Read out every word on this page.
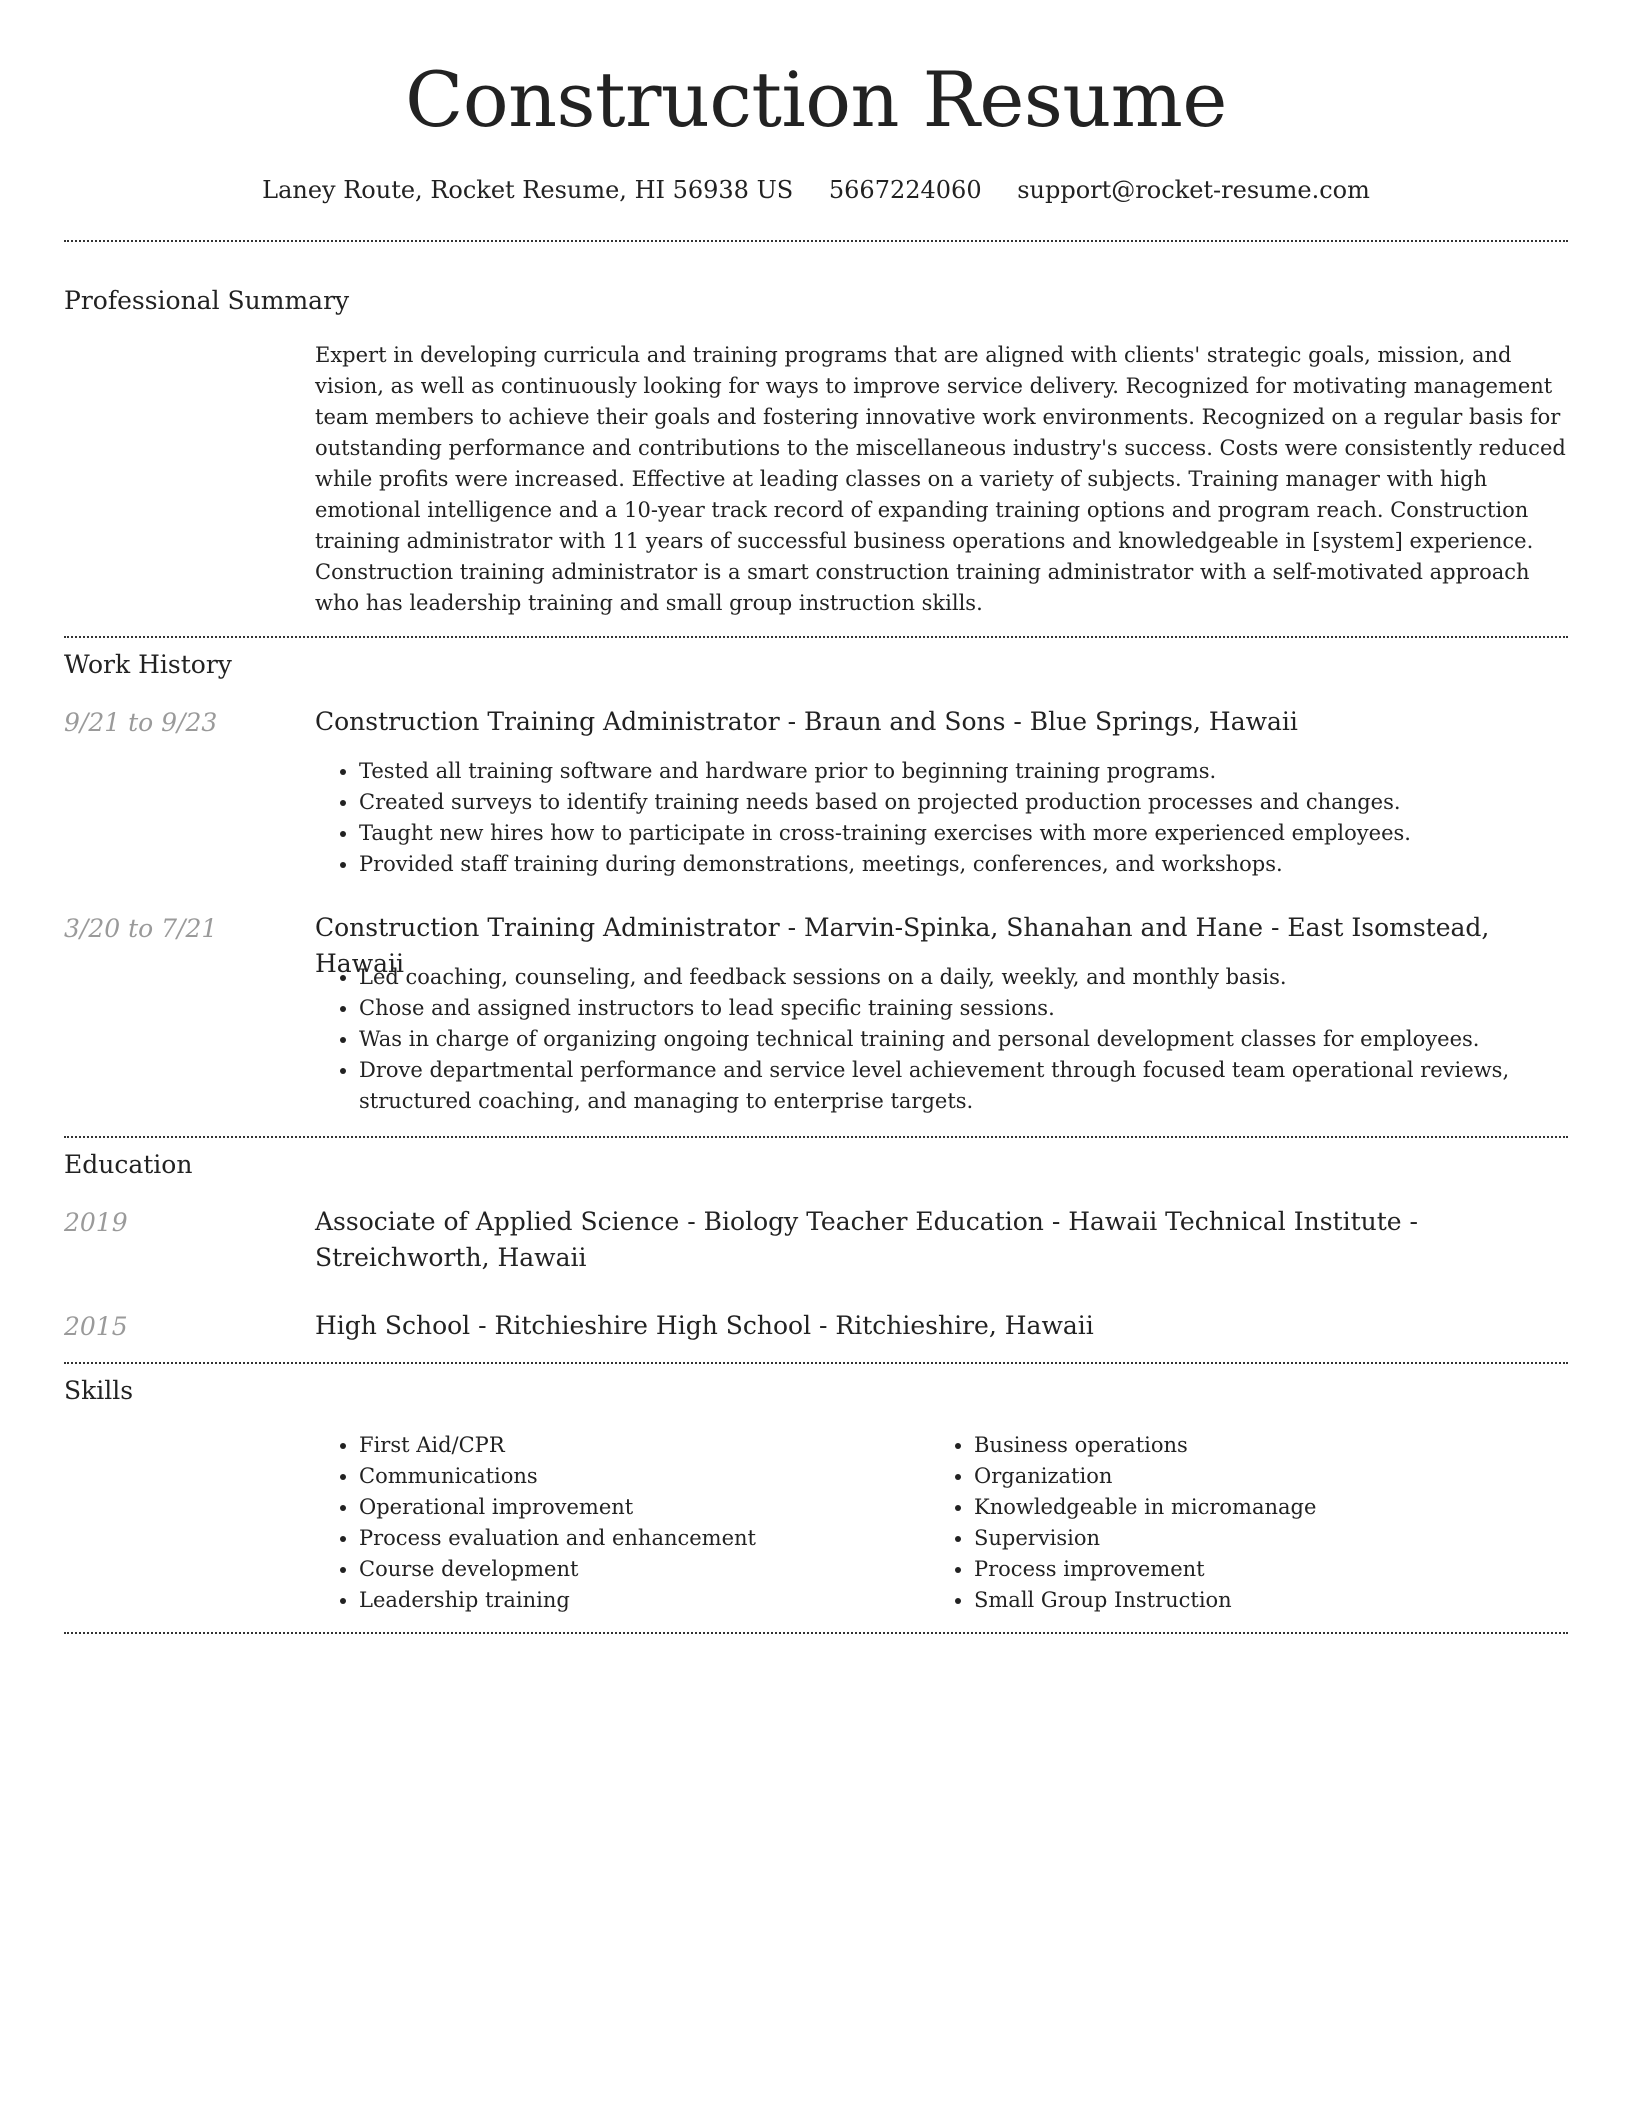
Construction Resume
Laney Route, Rocket Resume, HI 56938 US 5667224060 support@rocket-resume.com
Professional Summary
Expert in developing curricula and training programs that are aligned with clients' strategic goals, mission, and vision, as well as continuously looking for ways to improve service delivery. Recognized for motivating management team members to achieve their goals and fostering innovative work environments. Recognized on a regular basis for outstanding performance and contributions to the miscellaneous industry's success. Costs were consistently reduced while profits were increased. Effective at leading classes on a variety of subjects. Training manager with high emotional intelligence and a 10-year track record of expanding training options and program reach. Construction training administrator with 11 years of successful business operations and knowledgeable in [system] experience. Construction training administrator is a smart construction training administrator with a self-motivated approach who has leadership training and small group instruction skills.
Work History
9/21 to 9/23	Construction Training Administrator - Braun and Sons - Blue Springs, Hawaii
• Tested all training software and hardware prior to beginning training programs.
• Created surveys to identify training needs based on projected production processes and changes.
• Taught new hires how to participate in cross-training exercises with more experienced employees.
• Provided staff training during demonstrations, meetings, conferences, and workshops.
3/20 to 7/21	Construction Training Administrator - Marvin-Spinka, Shanahan and Hane - East Isomstead, Hawaii
• Led coaching, counseling, and feedback sessions on a daily, weekly, and monthly basis.
• Chose and assigned instructors to lead specific training sessions.
• Was in charge of organizing ongoing technical training and personal development classes for employees.
• Drove departmental performance and service level achievement through focused team operational reviews, structured coaching, and managing to enterprise targets.
Education
2019	Associate of Applied Science - Biology Teacher Education - Hawaii Technical Institute - Streichworth, Hawaii
2015	High School - Ritchieshire High School - Ritchieshire, Hawaii
Skills
• First Aid/CPR
• Communications
• Operational improvement
• Process evaluation and enhancement
• Course development
• Leadership training
• Business operations
• Organization
• Knowledgeable in micromanage
• Supervision
• Process improvement
• Small Group Instruction
